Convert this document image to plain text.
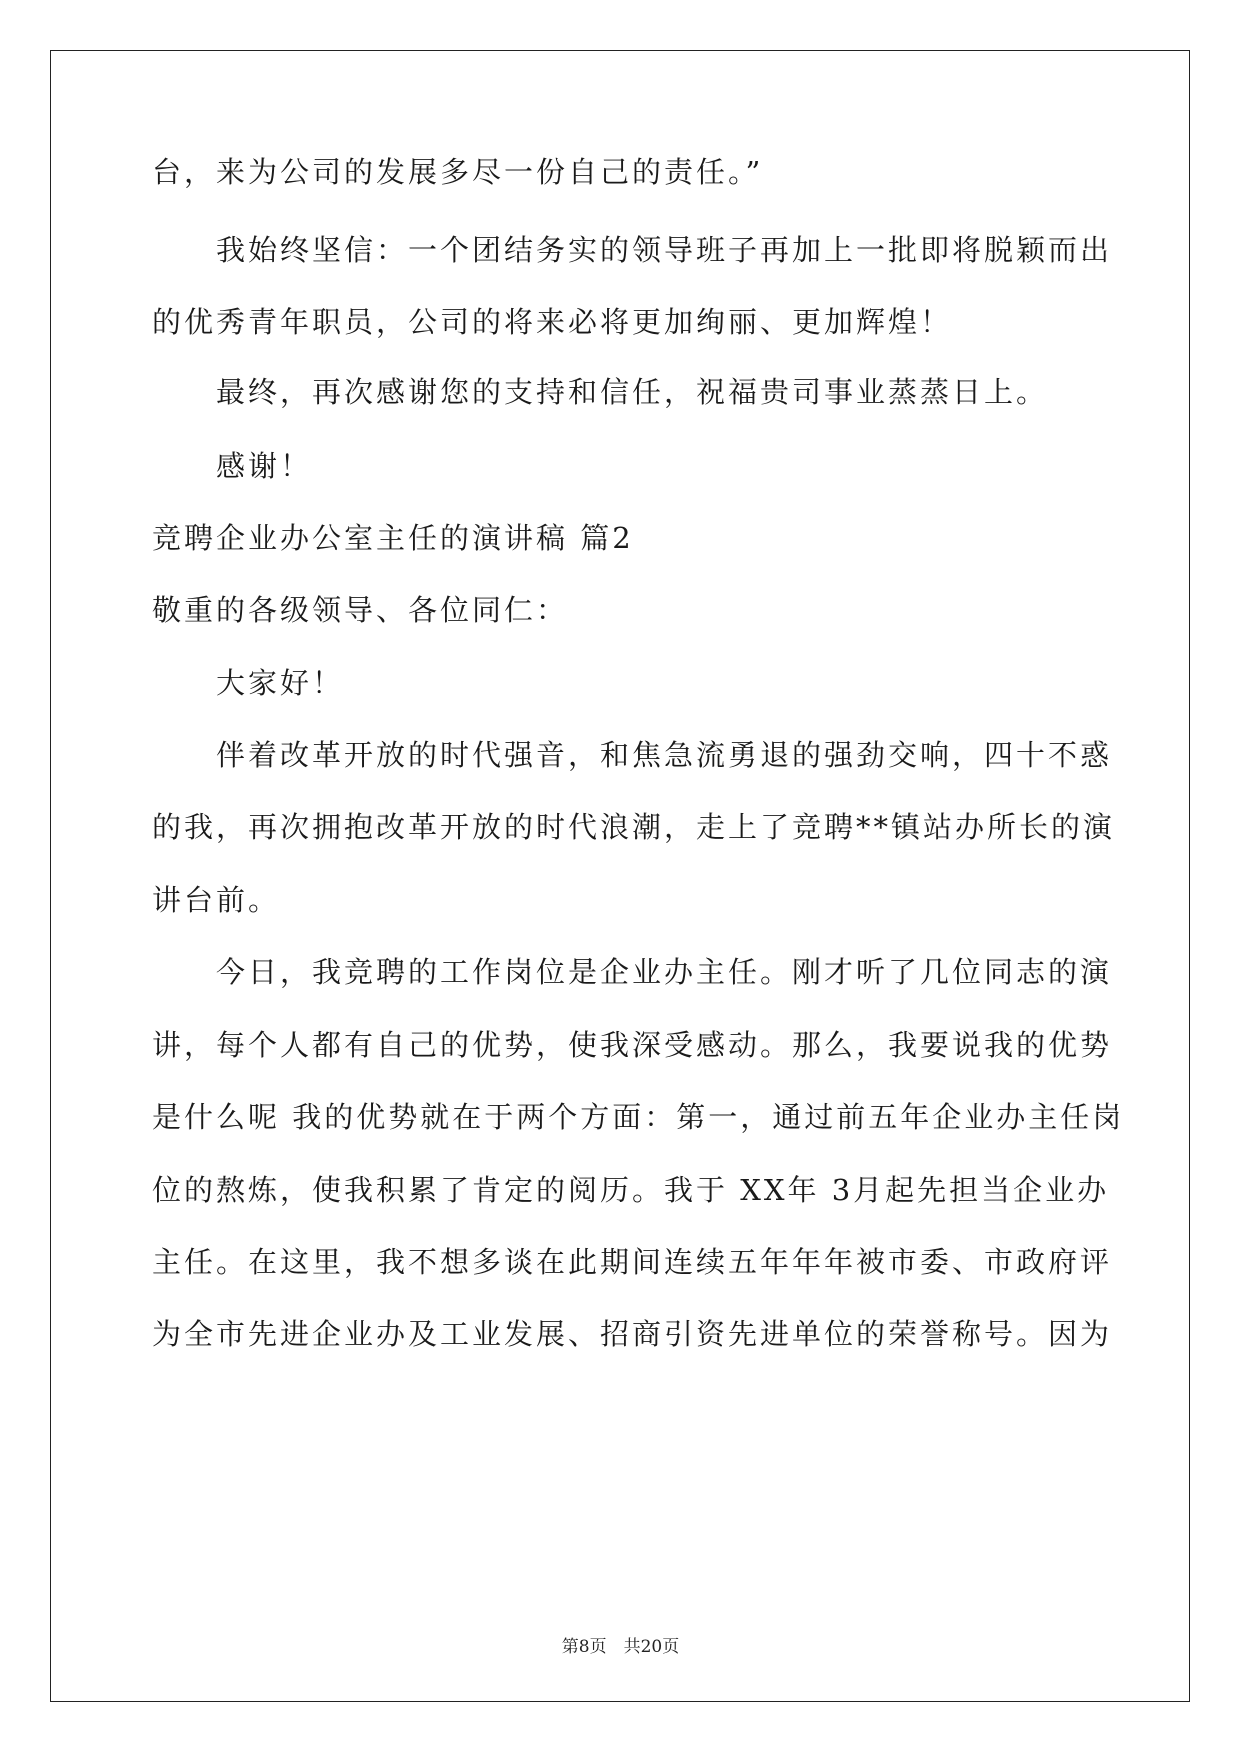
台，来为公司的发展多尽一份自己的责任。”
我始终坚信：一个团结务实的领导班子再加上一批即将脱颖而出
的优秀青年职员，公司的将来必将更加绚丽、更加辉煌！
最终，再次感谢您的支持和信任，祝福贵司事业蒸蒸日上。
感谢！
竞聘企业办公室主任的演讲稿 篇2
敬重的各级领导、各位同仁：
大家好！
伴着改革开放的时代强音，和焦急流勇退的强劲交响，四十不惑
的我，再次拥抱改革开放的时代浪潮，走上了竞聘**镇站办所长的演
讲台前。
今日，我竞聘的工作岗位是企业办主任。刚才听了几位同志的演
讲，每个人都有自己的优势，使我深受感动。那么，我要说我的优势
是什么呢 我的优势就在于两个方面：第一，通过前五年企业办主任岗
位的熬炼，使我积累了肯定的阅历。我于 XX年 3月起先担当企业办
主任。在这里，我不想多谈在此期间连续五年年年被市委、市政府评
为全市先进企业办及工业发展、招商引资先进单位的荣誉称号。因为
第8页　共20页
